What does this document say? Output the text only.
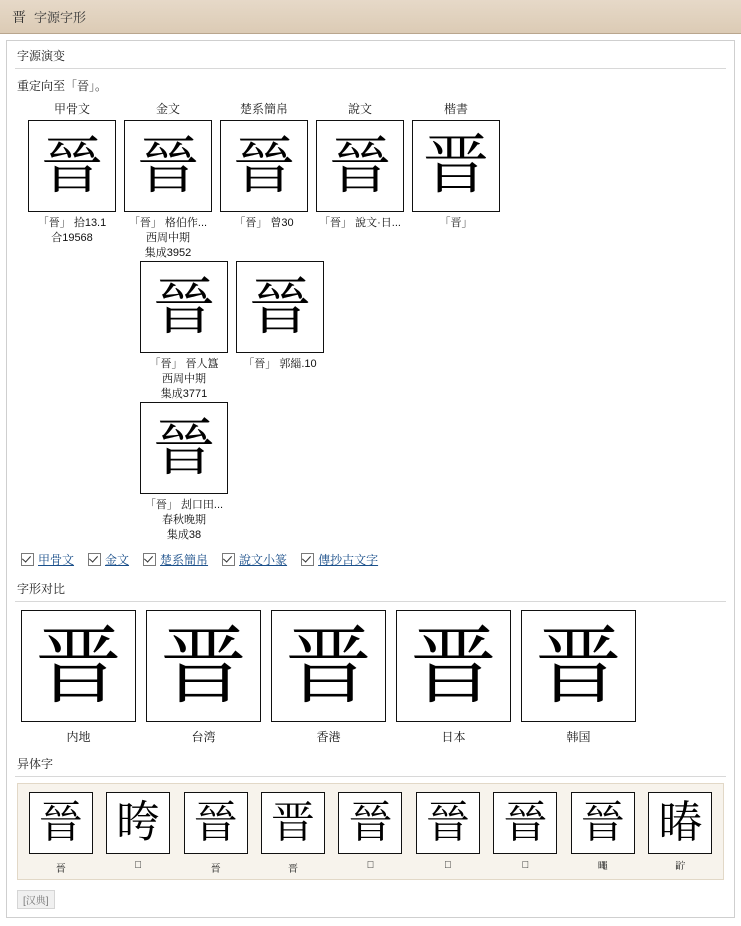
晋 字源字形
字源演变
重定向至「晉」。
甲骨文	金文	楚系簡帛	說文	楷書
晉
「晉」 拾13.1
合19568
晉
「晉」 格伯作...
西周中期
集成3952
晉
「晉」 曾30
晉
「晉」 說文·日...
晋
「晋」
晉
「晉」 晉人簋
西周中期
集成3771
晉
「晉」 郭緇.10
晉
「晉」 刦口田...
春秋晚期
集成38
甲骨文	金文	楚系簡帛	說文小篆	傳抄古文字
字形对比
晋
内地
晋
台湾
晋
香港
晋
日本
晋
韩国
异体字
晉
晉
晇
𣅔
晉
晉
晋
晋
晉
𣅂
晉
𣈆
晉
𣈆
晉
𣋋
暙
𤲑
[汉典]
